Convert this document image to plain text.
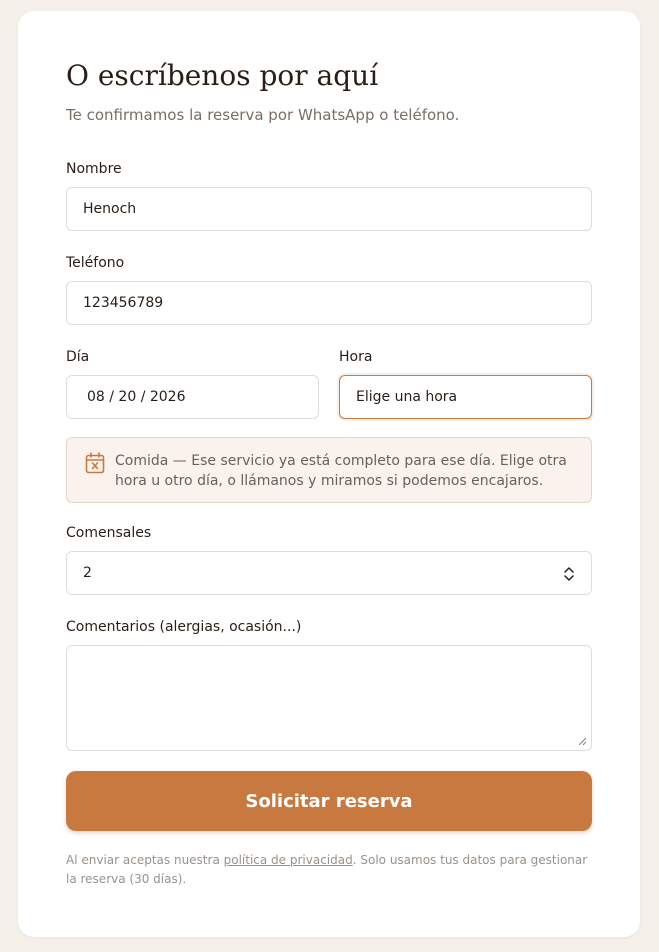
O escríbenos por aquí
Te confirmamos la reserva por WhatsApp o teléfono.
Nombre
Henoch
Teléfono
123456789
Día
08 / 20 / 2026
Hora
Elige una hora
Comida — Ese servicio ya está completo para ese día. Elige otra hora u otro día, o llámanos y miramos si podemos encajaros.
Comensales
2
Comentarios (alergias, ocasión...)
Solicitar reserva
Al enviar aceptas nuestra política de privacidad. Solo usamos tus datos para gestionar la reserva (30 días).
